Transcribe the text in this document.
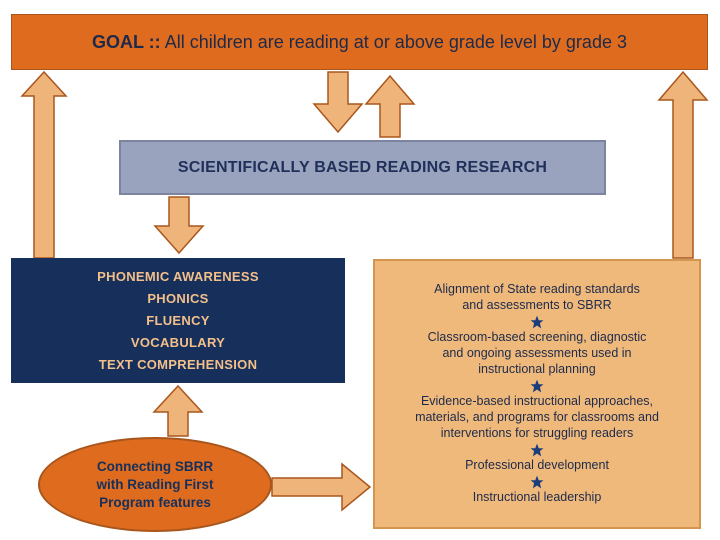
GOAL :: All children are reading at or above grade level by grade 3
SCIENTIFICALLY BASED READING RESEARCH
PHONEMIC AWARENESS
PHONICS
FLUENCY
VOCABULARY
TEXT COMPREHENSION
Alignment of State reading standards
and assessments to SBRR
Classroom-based screening, diagnostic
and ongoing assessments used in
instructional planning
Evidence-based instructional approaches,
materials, and programs for classrooms and
interventions for struggling readers
Professional development
Instructional leadership
Connecting SBRR
with Reading First
Program features
